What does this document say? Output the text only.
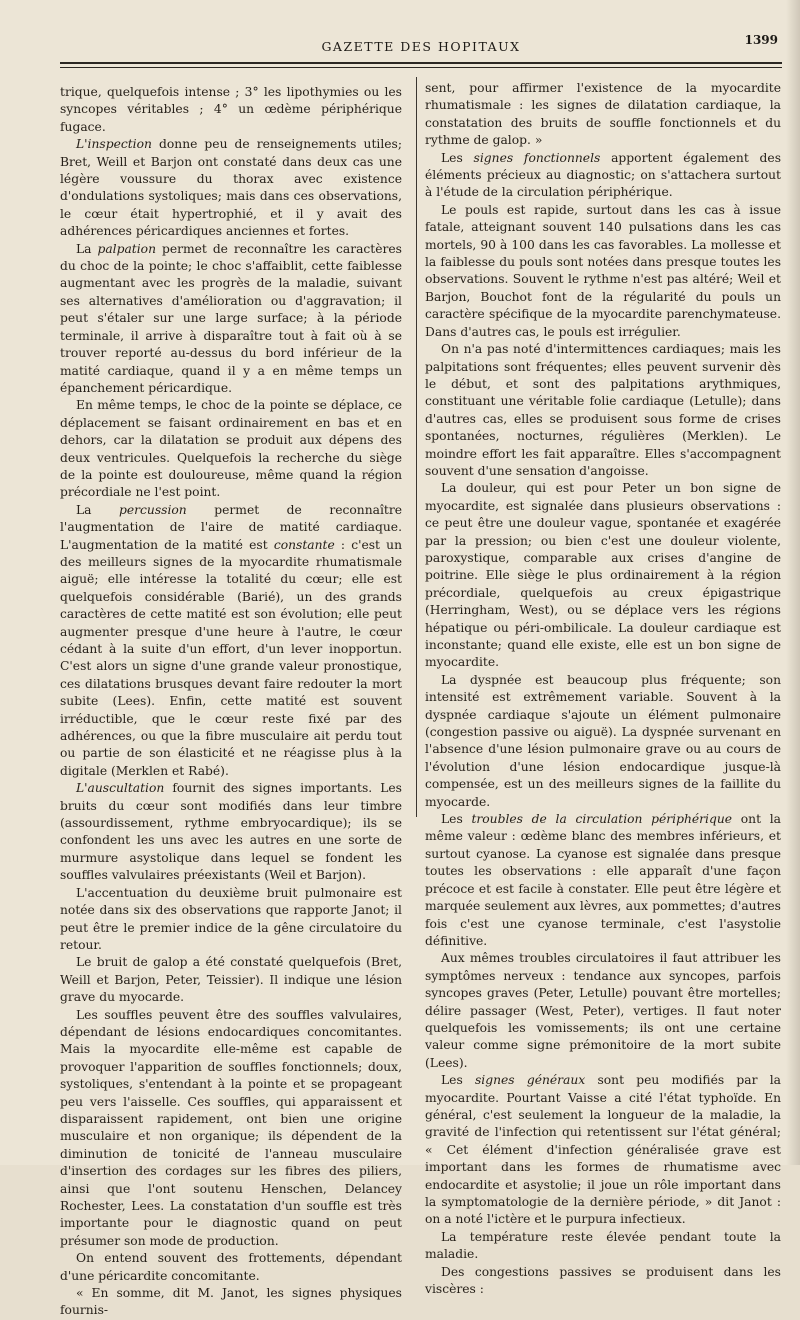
GAZETTE DES HOPITAUX	1399

trique, quelquefois intense ; 3° les lipothymies ou les syncopes véritables ; 4° un œdème périphérique fugace.

L'inspection donne peu de renseignements utiles; Bret, Weill et Barjon ont constaté dans deux cas une légère voussure du thorax avec existence d'ondulations systoliques; mais dans ces observations, le cœur était hypertrophié, et il y avait des adhérences péricardiques anciennes et fortes.

La palpation permet de reconnaître les caractères du choc de la pointe; le choc s'affaiblit, cette faiblesse augmentant avec les progrès de la maladie, suivant ses alternatives d'amélioration ou d'aggravation; il peut s'étaler sur une large surface; à la période terminale, il arrive à disparaître tout à fait où à se trouver reporté au-dessus du bord inférieur de la matité cardiaque, quand il y a en même temps un épanchement péricardique.

En même temps, le choc de la pointe se déplace, ce déplacement se faisant ordinairement en bas et en dehors, car la dilatation se produit aux dépens des deux ventricules. Quelquefois la recherche du siège de la pointe est douloureuse, même quand la région précordiale ne l'est point.

La percussion permet de reconnaître l'augmentation de l'aire de matité cardiaque. L'augmentation de la matité est constante : c'est un des meilleurs signes de la myocardite rhumatismale aiguë; elle intéresse la totalité du cœur; elle est quelquefois considérable (Barié), un des grands caractères de cette matité est son évolution; elle peut augmenter presque d'une heure à l'autre, le cœur cédant à la suite d'un effort, d'un lever inopportun. C'est alors un signe d'une grande valeur pronostique, ces dilatations brusques devant faire redouter la mort subite (Lees). Enfin, cette matité est souvent irréductible, que le cœur reste fixé par des adhérences, ou que la fibre musculaire ait perdu tout ou partie de son élasticité et ne réagisse plus à la digitale (Merklen et Rabé).

L'auscultation fournit des signes importants. Les bruits du cœur sont modifiés dans leur timbre (assourdissement, rythme embryocardique); ils se confondent les uns avec les autres en une sorte de murmure asystolique dans lequel se fondent les souffles valvulaires préexistants (Weil et Barjon).

L'accentuation du deuxième bruit pulmonaire est notée dans six des observations que rapporte Janot; il peut être le premier indice de la gêne circulatoire du retour.

Le bruit de galop a été constaté quelquefois (Bret, Weill et Barjon, Peter, Teissier). Il indique une lésion grave du myocarde.

Les souffles peuvent être des souffles valvulaires, dépendant de lésions endocardiques concomitantes. Mais la myocardite elle-même est capable de provoquer l'apparition de souffles fonctionnels; doux, systoliques, s'entendant à la pointe et se propageant peu vers l'aisselle. Ces souffles, qui apparaissent et disparaissent rapidement, ont bien une origine musculaire et non organique; ils dépendent de la diminution de tonicité de l'anneau musculaire d'insertion des cordages sur les fibres des piliers, ainsi que l'ont soutenu Henschen, Delancey Rochester, Lees. La constatation d'un souffle est très importante pour le diagnostic quand on peut présumer son mode de production.

On entend souvent des frottements, dépendant d'une péricardite concomitante.

« En somme, dit M. Janot, les signes physiques fournis-

sent, pour affirmer l'existence de la myocardite rhumatismale : les signes de dilatation cardiaque, la constatation des bruits de souffle fonctionnels et du rythme de galop. »

Les signes fonctionnels apportent également des éléments précieux au diagnostic; on s'attachera surtout à l'étude de la circulation périphérique.

Le pouls est rapide, surtout dans les cas à issue fatale, atteignant souvent 140 pulsations dans les cas mortels, 90 à 100 dans les cas favorables. La mollesse et la faiblesse du pouls sont notées dans presque toutes les observations. Souvent le rythme n'est pas altéré; Weil et Barjon, Bouchot font de la régularité du pouls un caractère spécifique de la myocardite parenchymateuse. Dans d'autres cas, le pouls est irrégulier.

On n'a pas noté d'intermittences cardiaques; mais les palpitations sont fréquentes; elles peuvent survenir dès le début, et sont des palpitations arythmiques, constituant une véritable folie cardiaque (Letulle); dans d'autres cas, elles se produisent sous forme de crises spontanées, nocturnes, régulières (Merklen). Le moindre effort les fait apparaître. Elles s'accompagnent souvent d'une sensation d'angoisse.

La douleur, qui est pour Peter un bon signe de myocardite, est signalée dans plusieurs observations : ce peut être une douleur vague, spontanée et exagérée par la pression; ou bien c'est une douleur violente, paroxystique, comparable aux crises d'angine de poitrine. Elle siège le plus ordinairement à la région précordiale, quelquefois au creux épigastrique (Herringham, West), ou se déplace vers les régions hépatique ou péri-ombilicale. La douleur cardiaque est inconstante; quand elle existe, elle est un bon signe de myocardite.

La dyspnée est beaucoup plus fréquente; son intensité est extrêmement variable. Souvent à la dyspnée cardiaque s'ajoute un élément pulmonaire (congestion passive ou aiguë). La dyspnée survenant en l'absence d'une lésion pulmonaire grave ou au cours de l'évolution d'une lésion endocardique jusque-là compensée, est un des meilleurs signes de la faillite du myocarde.

Les troubles de la circulation périphérique ont la même valeur : œdème blanc des membres inférieurs, et surtout cyanose. La cyanose est signalée dans presque toutes les observations : elle apparaît d'une façon précoce et est facile à constater. Elle peut être légère et marquée seulement aux lèvres, aux pommettes; d'autres fois c'est une cyanose terminale, c'est l'asystolie définitive.

Aux mêmes troubles circulatoires il faut attribuer les symptômes nerveux : tendance aux syncopes, parfois syncopes graves (Peter, Letulle) pouvant être mortelles; délire passager (West, Peter), vertiges. Il faut noter quelquefois les vomissements; ils ont une certaine valeur comme signe prémonitoire de la mort subite (Lees).

Les signes généraux sont peu modifiés par la myocardite. Pourtant Vaisse a cité l'état typhoïde. En général, c'est seulement la longueur de la maladie, la gravité de l'infection qui retentissent sur l'état général; « Cet élément d'infection généralisée grave est important dans les formes de rhumatisme avec endocardite et asystolie; il joue un rôle important dans la symptomatologie de la dernière période, » dit Janot : on a noté l'ictère et le purpura infectieux.

La température reste élevée pendant toute la maladie.

Des congestions passives se produisent dans les viscères :
